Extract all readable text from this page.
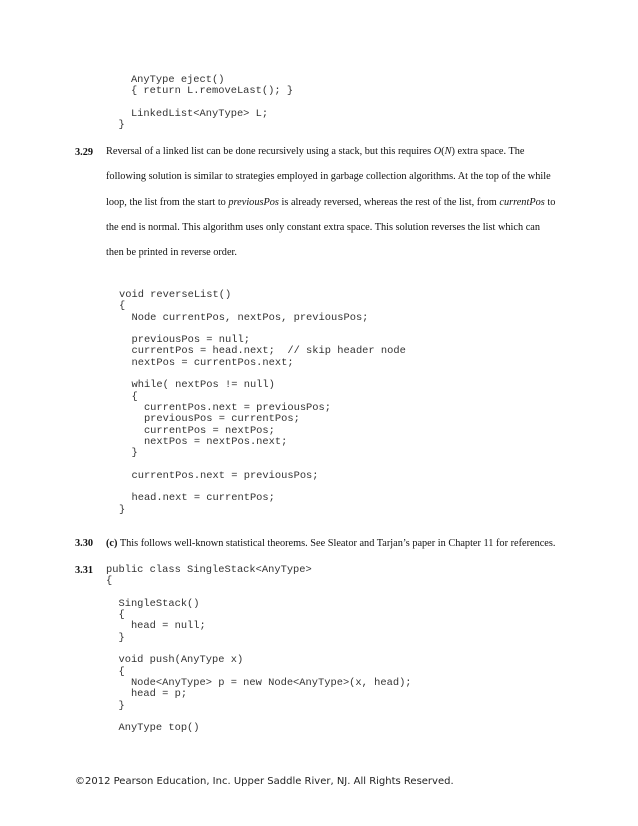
AnyType eject()
{ return L.removeLast(); }

LinkedList<AnyType> L;
}
3.29 Reversal of a linked list can be done recursively using a stack, but this requires O(N) extra space. The
following solution is similar to strategies employed in garbage collection algorithms. At the top of the while
loop, the list from the start to previousPos is already reversed, whereas the rest of the list, from currentPos to
the end is normal. This algorithm uses only constant extra space. This solution reverses the list which can
then be printed in reverse order.
void reverseList()
{
Node currentPos, nextPos, previousPos;

previousPos = null;
currentPos = head.next;  // skip header node
nextPos = currentPos.next;

while( nextPos != null)
{
currentPos.next = previousPos;
previousPos = currentPos;
currentPos = nextPos;
nextPos = nextPos.next;
}

currentPos.next = previousPos;

head.next = currentPos;
}
3.30 (c) This follows well-known statistical theorems. See Sleator and Tarjan’s paper in Chapter 11 for references.
3.31 public class SingleStack<AnyType>
{

SingleStack()
{
head = null;
}

void push(AnyType x)
{
Node<AnyType> p = new Node<AnyType>(x, head);
head = p;
}

AnyType top()
©2012 Pearson Education, Inc. Upper Saddle River, NJ. All Rights Reserved.
